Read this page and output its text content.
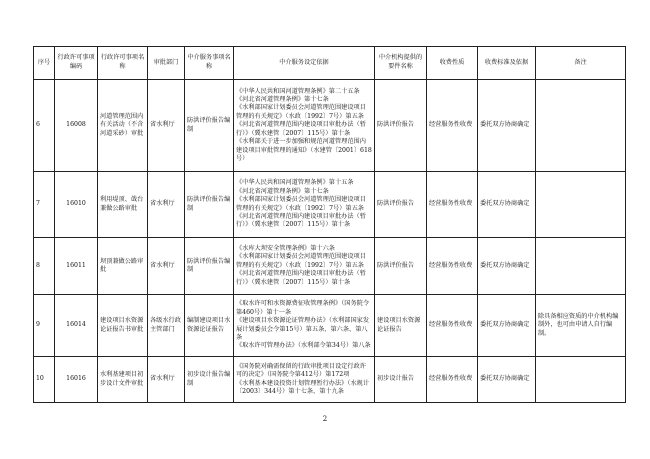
序号	行政许可事项编码	行政许可事项名称	审批部门	中介服务事项名称	中介服务设定依据	中介机构提供的要件名称	收费性质	收费标准及依据	备注
6	16008	河道管理范围内有关活动（不含河道采砂）审批	省水利厅	防洪评价报告编制	《中华人民共和国河道管理条例》第二十五条
《河北省河道管理条例》第十七条
《水利部国家计划委员会河道管理范围建设项目管理的有关规定》（水政〔1992〕7号）第五条
《河北省河道管理范围内建设项目审批办法（暂行）》（冀水建管〔2007〕115号）第十条
《水利部关于进一步加强和规范河道管理范围内建设项目审批管理的通知》（水建管〔2001〕618号）	防洪评价报告	经营服务性收费	委托双方协商确定	
7	16010	利用堤顶、戗台兼做公路审批	省水利厅	防洪评价报告编制	《中华人民共和国河道管理条例》第十五条
《河北省河道管理条例》第十七条
《水利部国家计划委员会河道管理范围建设项目管理的有关规定》（水政〔1992〕7号）第五条
《河北省河道管理范围内建设项目审批办法（暂行）》（冀水建管〔2007〕115号）第十条	防洪评价报告	经营服务性收费	委托双方协商确定	
8	16011	坝顶兼做公路审批	省水利厅	防洪评价报告编制	《水库大坝安全管理条例》第十六条
《水利部国家计划委员会河道管理范围建设项目管理的有关规定》（水政〔1992〕7号）第五条
《河北省河道管理范围内建设项目审批办法（暂行）》（冀水建管〔2007〕115号）第十条	防洪评价报告	经营服务性收费	委托双方协商确定	
9	16014	建设项目水资源论证报告书审批	各级水行政主管部门	编制建设项目水资源论证报告	《取水许可和水资源费征收管理条例》（国务院令第460号）第十一条
《建设项目水资源论证管理办法》（水利部国家发展计划委员会令第15号）第五条、第六条、第八条
《取水许可管理办法》（水利部令第34号）第八条	建设项目水资源论证报告	经营服务性收费	委托双方协商确定	除具备相应资质的中介机构编制外，也可由申请人自行编制。
10	16016	水利基建项目初步设计文件审批	省水利厅	初步设计报告编制	《国务院对确需保留的行政审批项目设定行政许可的决定》（国务院令第412号）第172项
《水利基本建设投资计划管理暂行办法》（水规计〔2003〕344号）第十七条、第十九条	初步设计报告	经营服务性收费	委托双方协商确定	
2
